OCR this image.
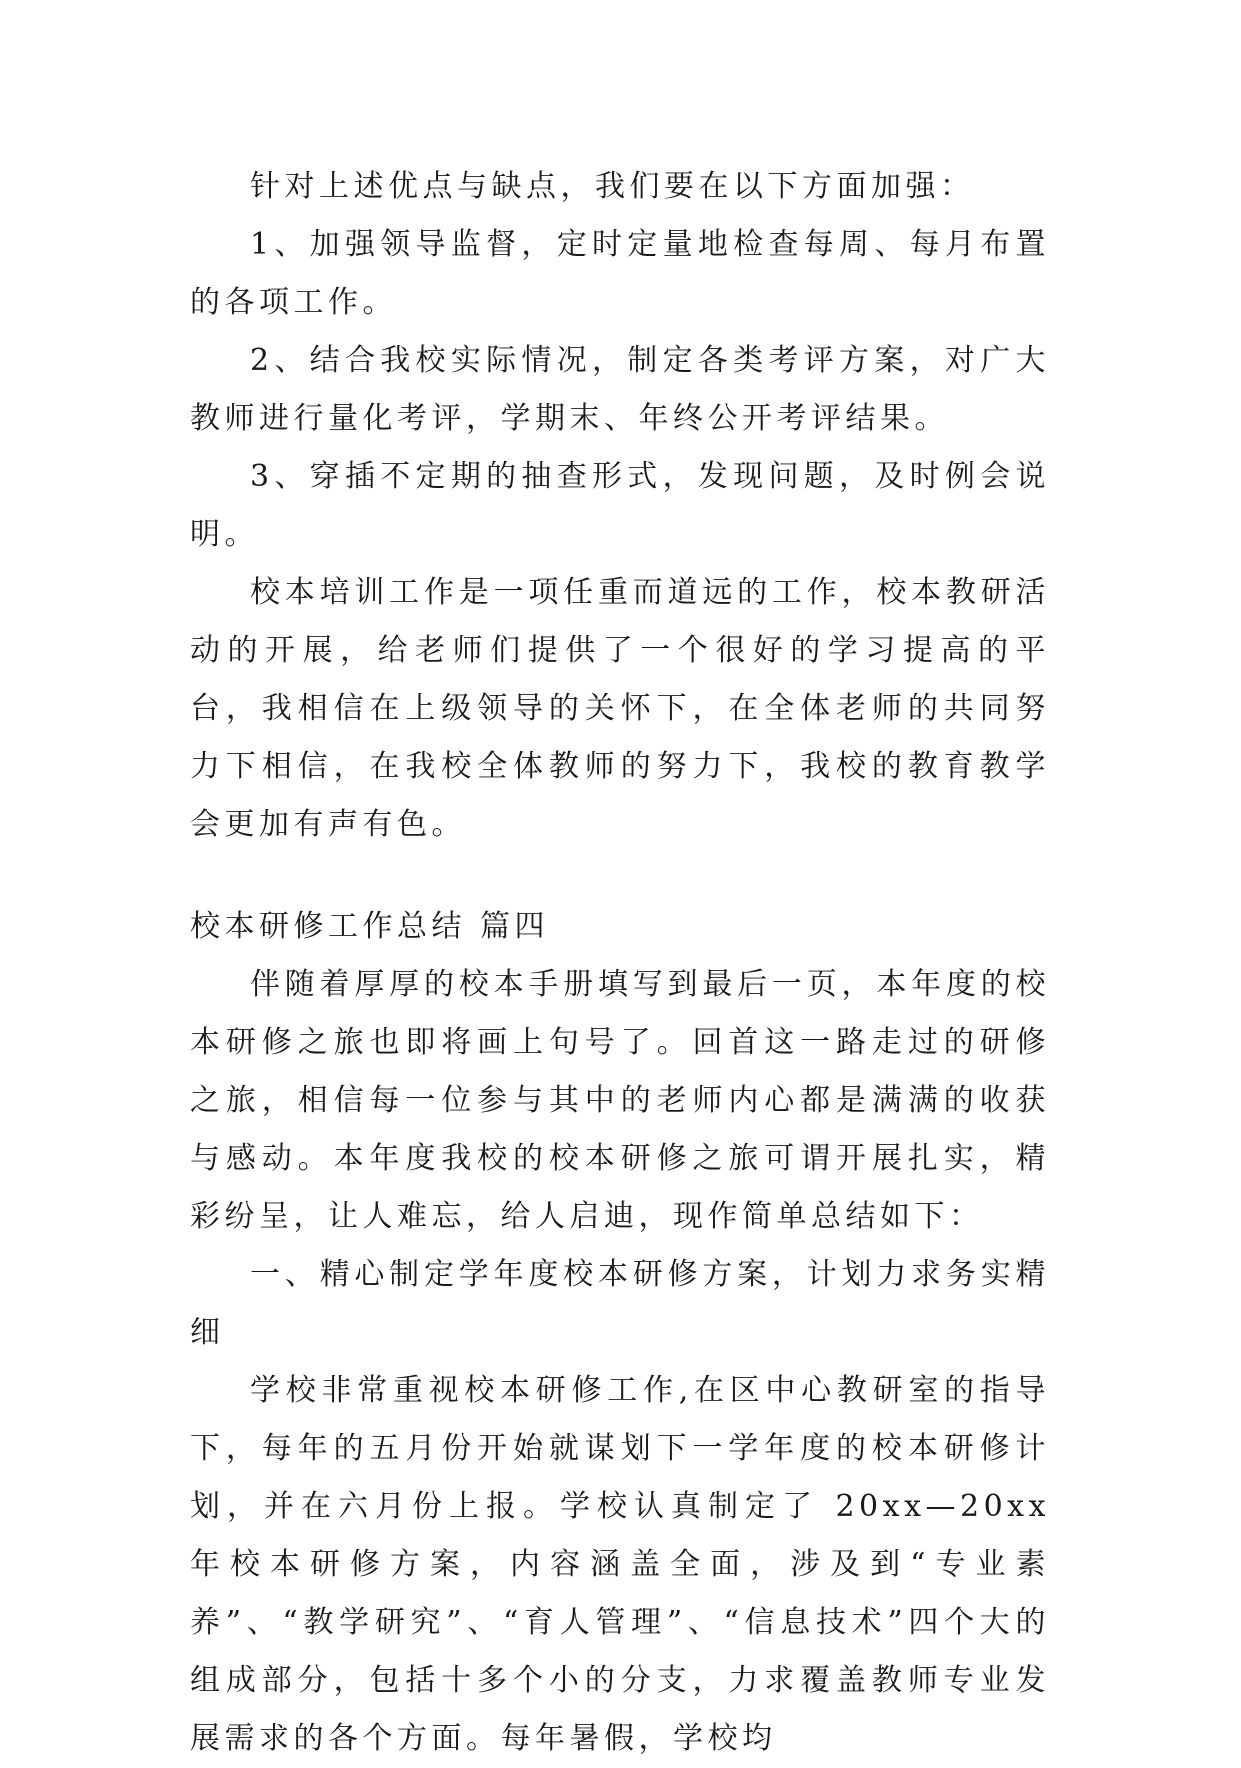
针对上述优点与缺点，我们要在以下方面加强：

1、加强领导监督，定时定量地检查每周、每月布置的各项工作。

2、结合我校实际情况，制定各类考评方案，对广大教师进行量化考评，学期末、年终公开考评结果。

3、穿插不定期的抽查形式，发现问题，及时例会说明。

校本培训工作是一项任重而道远的工作，校本教研活动的开展，给老师们提供了一个很好的学习提高的平台，我相信在上级领导的关怀下，在全体老师的共同努力下相信，在我校全体教师的努力下，我校的教育教学会更加有声有色。

校本研修工作总结 篇四

伴随着厚厚的校本手册填写到最后一页，本年度的校本研修之旅也即将画上句号了。回首这一路走过的研修之旅，相信每一位参与其中的老师内心都是满满的收获与感动。本年度我校的校本研修之旅可谓开展扎实，精彩纷呈，让人难忘，给人启迪，现作简单总结如下：

一、精心制定学年度校本研修方案，计划力求务实精细

学校非常重视校本研修工作,在区中心教研室的指导下，每年的五月份开始就谋划下一学年度的校本研修计划，并在六月份上报。学校认真制定了 20xx—20xx 年校本研修方案，内容涵盖全面，涉及到“专业素养”、“教学研究”、“育人管理”、“信息技术”四个大的组成部分，包括十多个小的分支，力求覆盖教师专业发展需求的各个方面。每年暑假，学校均
